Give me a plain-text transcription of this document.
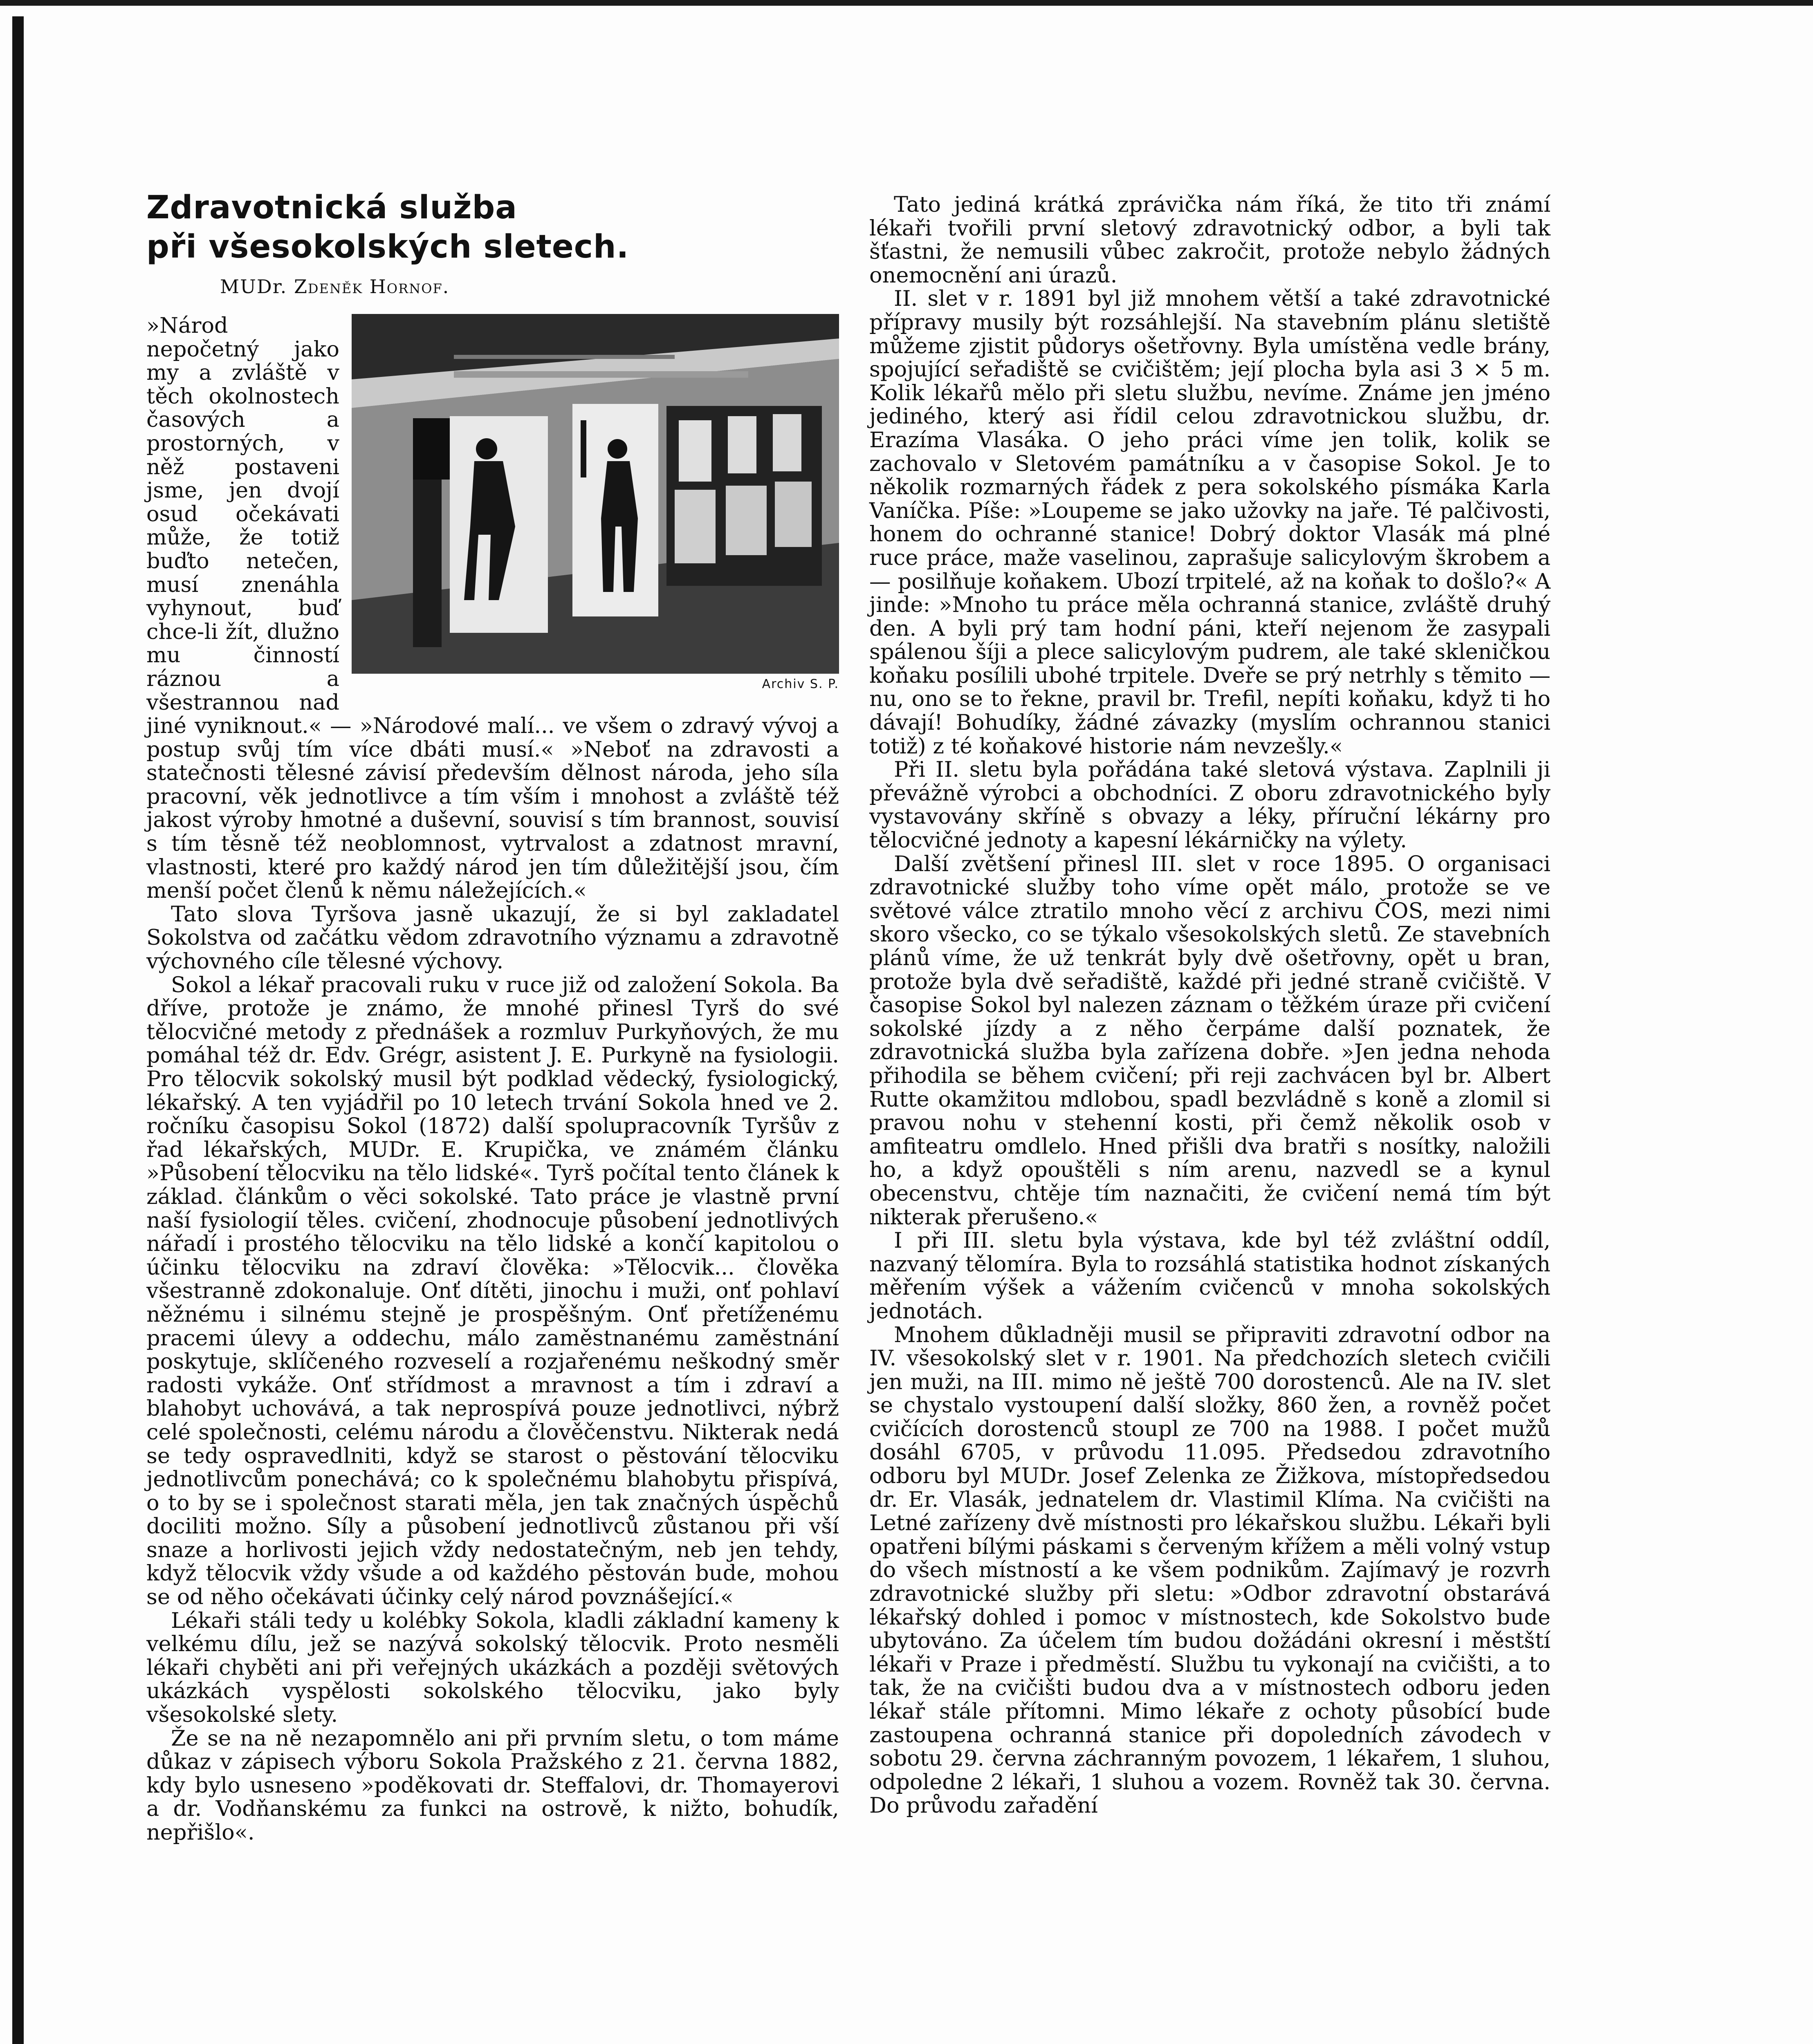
Zdravotnická služba
při všesokolských sletech.
MUDr. Zdeněk Hornof.
Archiv S. P.

»Národ nepočetný jako my a zvláště v těch okolnostech časových a prostorných, v něž postaveni jsme, jen dvojí osud očekávati může, že totiž buďto netečen, musí znenáhla vyhynout, buď chce-li žít, dlužno mu činností ráznou a všestrannou nad jiné vyniknout.« — »Národové malí... ve všem o zdravý vývoj a postup svůj tím více dbáti musí.« »Neboť na zdravosti a statečnosti tělesné závisí především dělnost národa, jeho síla pracovní, věk jednotlivce a tím vším i mnohost a zvláště též jakost výroby hmotné a duševní, souvisí s tím brannost, souvisí s tím těsně též neoblomnost, vytrvalost a zdatnost mravní, vlastnosti, které pro každý národ jen tím důležitější jsou, čím menší počet členů k němu náležejících.«

Tato slova Tyršova jasně ukazují, že si byl zakladatel Sokolstva od začátku vědom zdravotního významu a zdravotně výchovného cíle tělesné výchovy.

Sokol a lékař pracovali ruku v ruce již od založení Sokola. Ba dříve, protože je známo, že mnohé přinesl Tyrš do své tělocvičné metody z přednášek a rozmluv Purkyňových, že mu pomáhal též dr. Edv. Grégr, asistent J. E. Purkyně na fysiologii. Pro tělocvik sokolský musil být podklad vědecký, fysiologický, lékařský. A ten vyjádřil po 10 letech trvání Sokola hned ve 2. ročníku časopisu Sokol (1872) další spolupracovník Tyršův z řad lékařských, MUDr. E. Krupička, ve známém článku »Působení tělocviku na tělo lidské«. Tyrš počítal tento článek k základ. článkům o věci sokolské. Tato práce je vlastně první naší fysiologií těles. cvičení, zhodnocuje působení jednotlivých nářadí i prostého tělocviku na tělo lidské a končí kapitolou o účinku tělocviku na zdraví člověka: »Tělocvik... člověka všestranně zdokonaluje. Onť dítěti, jinochu i muži, onť pohlaví něžnému i silnému stejně je prospěšným. Onť přetíženému pracemi úlevy a oddechu, málo zaměstnanému zaměstnání poskytuje, sklíčeného rozveselí a rozjařenému neškodný směr radosti vykáže. Onť střídmost a mravnost a tím i zdraví a blahobyt uchovává, a tak neprospívá pouze jednotlivci, nýbrž celé společnosti, celému národu a člověčenstvu. Nikterak nedá se tedy ospravedlniti, když se starost o pěstování tělocviku jednotlivcům ponechává; co k společnému blahobytu přispívá, o to by se i společnost starati měla, jen tak značných úspěchů dociliti možno. Síly a působení jednotlivců zůstanou při vší snaze a horlivosti jejich vždy nedostatečným, neb jen tehdy, když tělocvik vždy všude a od každého pěstován bude, mohou se od něho očekávati účinky celý národ povznášející.«

Lékaři stáli tedy u kolébky Sokola, kladli základní kameny k velkému dílu, jež se nazývá sokolský tělocvik. Proto nesměli lékaři chyběti ani při veřejných ukázkách a později světových ukázkách vyspělosti sokolského tělocviku, jako byly všesokolské slety.

Že se na ně nezapomnělo ani při prvním sletu, o tom máme důkaz v zápisech výboru Sokola Pražského z 21. června 1882, kdy bylo usneseno »poděkovati dr. Steffalovi, dr. Thomayerovi a dr. Vodňanskému za funkci na ostrově, k nižto, bohudík, nepřišlo«.

Tato jediná krátká zprávička nám říká, že tito tři známí lékaři tvořili první sletový zdravotnický odbor, a byli tak šťastni, že nemusili vůbec zakročit, protože nebylo žádných onemocnění ani úrazů.

II. slet v r. 1891 byl již mnohem větší a také zdravotnické přípravy musily být rozsáhlejší. Na stavebním plánu sletiště můžeme zjistit půdorys ošetřovny. Byla umístěna vedle brány, spojující seřadiště se cvičištěm; její plocha byla asi 3 × 5 m. Kolik lékařů mělo při sletu službu, nevíme. Známe jen jméno jediného, který asi řídil celou zdravotnickou službu, dr. Erazíma Vlasáka. O jeho práci víme jen tolik, kolik se zachovalo v Sletovém památníku a v časopise Sokol. Je to několik rozmarných řádek z pera sokolského písmáka Karla Vaníčka. Píše: »Loupeme se jako užovky na jaře. Té palčivosti, honem do ochranné stanice! Dobrý doktor Vlasák má plné ruce práce, maže vaselinou, zaprašuje salicylovým škrobem a — posilňuje koňakem. Ubozí trpitelé, až na koňak to došlo?« A jinde: »Mnoho tu práce měla ochranná stanice, zvláště druhý den. A byli prý tam hodní páni, kteří nejenom že zasypali spálenou šíji a plece salicylovým pudrem, ale také skleničkou koňaku posílili ubohé trpitele. Dveře se prý netrhly s těmito — nu, ono se to řekne, pravil br. Trefil, nepíti koňaku, když ti ho dávají! Bohudíky, žádné závazky (myslím ochrannou stanici totiž) z té koňakové historie nám nevzešly.«

Při II. sletu byla pořádána také sletová výstava. Zaplnili ji převážně výrobci a obchodníci. Z oboru zdravotnického byly vystavovány skříně s obvazy a léky, příruční lékárny pro tělocvičné jednoty a kapesní lékárničky na výlety.

Další zvětšení přinesl III. slet v roce 1895. O organisaci zdravotnické služby toho víme opět málo, protože se ve světové válce ztratilo mnoho věcí z archivu ČOS, mezi nimi skoro všecko, co se týkalo všesokolských sletů. Ze stavebních plánů víme, že už tenkrát byly dvě ošetřovny, opět u bran, protože byla dvě seřadiště, každé při jedné straně cvičiště. V časopise Sokol byl nalezen záznam o těžkém úraze při cvičení sokolské jízdy a z něho čerpáme další poznatek, že zdravotnická služba byla zařízena dobře. »Jen jedna nehoda přihodila se během cvičení; při reji zachvácen byl br. Albert Rutte okamžitou mdlobou, spadl bezvládně s koně a zlomil si pravou nohu v stehenní kosti, při čemž několik osob v amfiteatru omdlelo. Hned přišli dva bratři s nosítky, naložili ho, a když opouštěli s ním arenu, nazvedl se a kynul obecenstvu, chtěje tím naznačiti, že cvičení nemá tím být nikterak přerušeno.«

I při III. sletu byla výstava, kde byl též zvláštní oddíl, nazvaný tělomíra. Byla to rozsáhlá statistika hodnot získaných měřením výšek a vážením cvičenců v mnoha sokolských jednotách.

Mnohem důkladněji musil se připraviti zdravotní odbor na IV. všesokolský slet v r. 1901. Na předchozích sletech cvičili jen muži, na III. mimo ně ještě 700 dorostenců. Ale na IV. slet se chystalo vystoupení další složky, 860 žen, a rovněž počet cvičících dorostenců stoupl ze 700 na 1988. I počet mužů dosáhl 6705, v průvodu 11.095. Předsedou zdravotního odboru byl MUDr. Josef Zelenka ze Žižkova, místopředsedou dr. Er. Vlasák, jednatelem dr. Vlastimil Klíma. Na cvičišti na Letné zařízeny dvě místnosti pro lékařskou službu. Lékaři byli opatřeni bílými páskami s červeným křížem a měli volný vstup do všech místností a ke všem podnikům. Zajímavý je rozvrh zdravotnické služby při sletu: »Odbor zdravotní obstarává lékařský dohled i pomoc v místnostech, kde Sokolstvo bude ubytováno. Za účelem tím budou dožádáni okresní i městští lékaři v Praze i předměstí. Službu tu vykonají na cvičišti, a to tak, že na cvičišti budou dva a v místnostech odboru jeden lékař stále přítomni. Mimo lékaře z ochoty působící bude zastoupena ochranná stanice při dopoledních závodech v sobotu 29. června záchranným povozem, 1 lékařem, 1 sluhou, odpoledne 2 lékaři, 1 sluhou a vozem. Rovněž tak 30. června. Do průvodu zařadění
